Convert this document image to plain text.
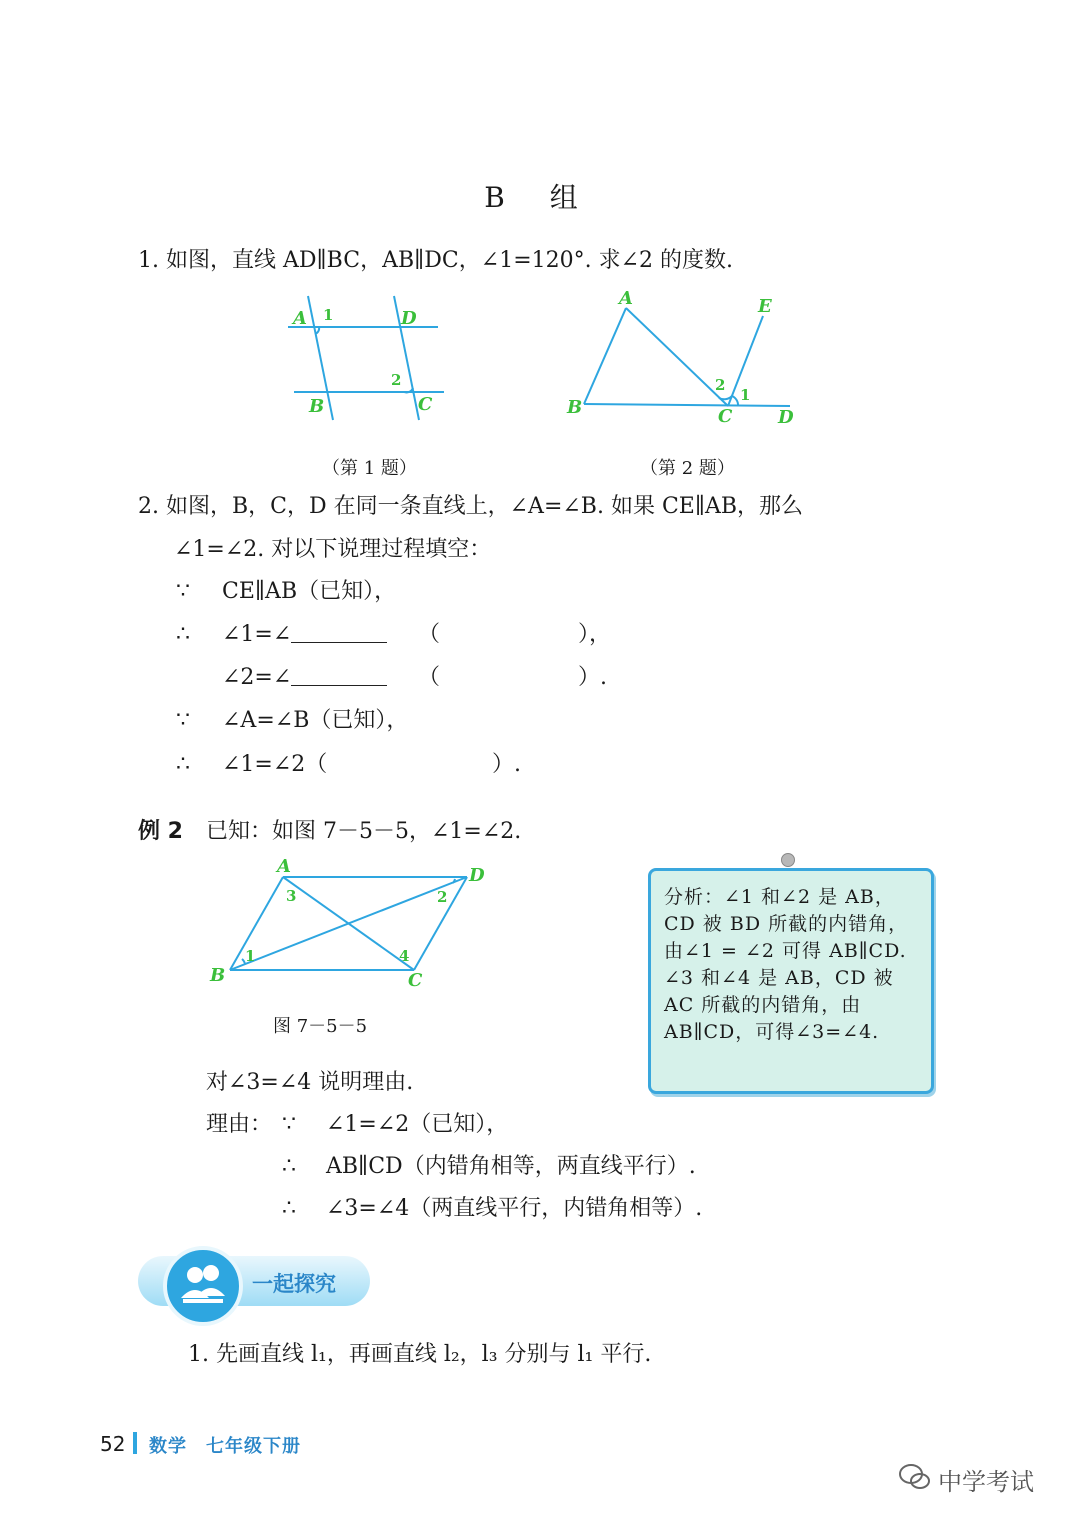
B 组
1. 如图，直线 AD∥BC，AB∥DC，∠1=120°. 求∠2 的度数.
A	D
B	C
1
2
A
B	C	D
E
2
1
（第 1 题）	（第 2 题）
2. 如图，B，C，D 在同一条直线上，∠A=∠B. 如果 CE∥AB，那么
∠1=∠2. 对以下说理过程填空：
∵ CE∥AB（已知），
∴ ∠1=∠	（	），
∠2=∠	（	）.
∵ ∠A=∠B（已知），
∴ ∠1=∠2（	）.
例 2 已知：如图 7－5－5，∠1=∠2.
A	D
B	C
1
2
3
4
图 7－5－5
分析：∠1 和∠2 是 AB，CD 被 BD 所截的内错角，由∠1 = ∠2 可得 AB∥CD. ∠3 和∠4 是 AB，CD 被 AC 所截的内错角，由 AB∥CD，可得∠3=∠4.
对∠3=∠4 说明理由.
理由： ∵ ∠1=∠2（已知），
∴ AB∥CD（内错角相等，两直线平行）.
∴ ∠3=∠4（两直线平行，内错角相等）.
一起探究
1. 先画直线 l₁，再画直线 l₂，l₃ 分别与 l₁ 平行.
52 数学　七年级下册
中学考试
